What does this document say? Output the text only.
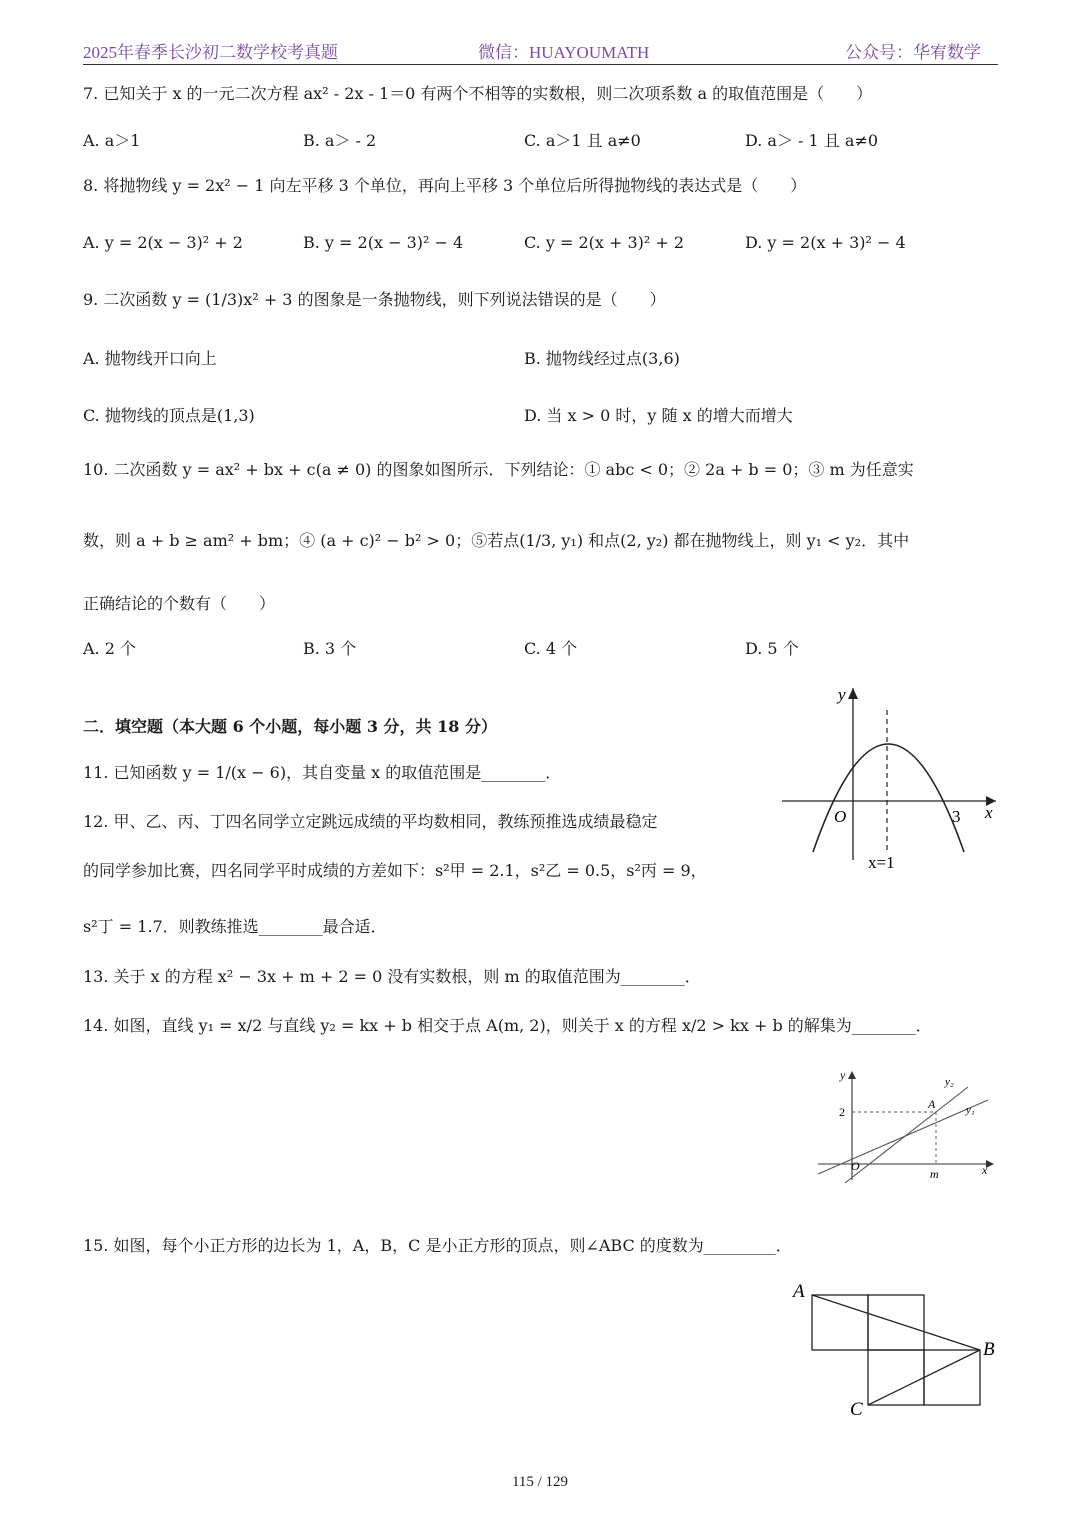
2025年春季长沙初二数学校考真题	微信：HUAYOUMATH	公众号：华宥数学
7. 已知关于 x 的一元二次方程 ax² - 2x - 1＝0 有两个不相等的实数根，则二次项系数 a 的取值范围是（　　）
A. a＞1	B. a＞ - 2	C. a＞1 且 a≠0	D. a＞ - 1 且 a≠0
8. 将抛物线 y = 2x² − 1 向左平移 3 个单位，再向上平移 3 个单位后所得抛物线的表达式是（　　）
A. y = 2(x − 3)² + 2	B. y = 2(x − 3)² − 4	C. y = 2(x + 3)² + 2	D. y = 2(x + 3)² − 4
9. 二次函数 y = (1/3)x² + 3 的图象是一条抛物线，则下列说法错误的是（　　）
A. 抛物线开口向上	B. 抛物线经过点(3,6)
C. 抛物线的顶点是(1,3)	D. 当 x > 0 时，y 随 x 的增大而增大
10. 二次函数 y = ax² + bx + c(a ≠ 0) 的图象如图所示．下列结论：① abc < 0；② 2a + b = 0；③ m 为任意实
数，则 a + b ≥ am² + bm；④ (a + c)² − b² > 0；⑤若点(1/3, y₁) 和点(2, y₂) 都在抛物线上，则 y₁ < y₂．其中
正确结论的个数有（　　）
A. 2 个	B. 3 个	C. 4 个	D. 5 个
二．填空题（本大题 6 个小题，每小题 3 分，共 18 分）
11. 已知函数 y = 1/(x − 6)，其自变量 x 的取值范围是________．
12. 甲、乙、丙、丁四名同学立定跳远成绩的平均数相同，教练预推选成绩最稳定
的同学参加比赛，四名同学平时成绩的方差如下：s²甲 = 2.1，s²乙 = 0.5，s²丙 = 9，
s²丁 = 1.7．则教练推选________最合适．
13. 关于 x 的方程 x² − 3x + m + 2 = 0 没有实数根，则 m 的取值范围为________．
14. 如图，直线 y₁ = x/2 与直线 y₂ = kx + b 相交于点 A(m, 2)，则关于 x 的方程 x/2 > kx + b 的解集为________．
15. 如图，每个小正方形的边长为 1，A，B，C 是小正方形的顶点，则∠ABC 的度数为_________．
y
x
O	3
x=1
y
x
O
2
m
A
y₂
y₁
A
B
C
115 / 129
